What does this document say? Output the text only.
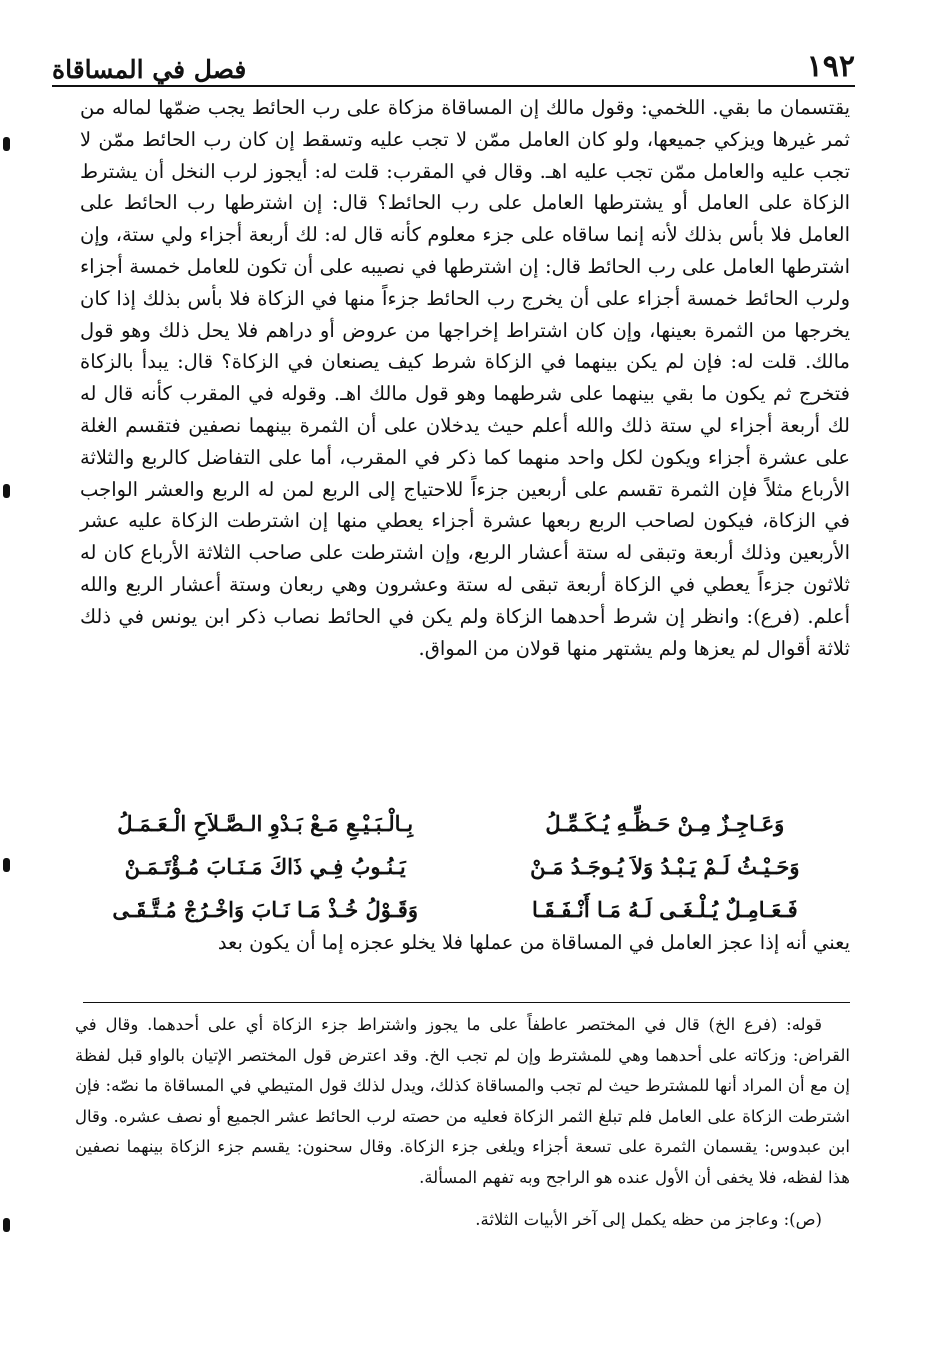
١٩٢
فصل في المساقاة
يقتسمان ما بقي. اللخمي: وقول مالك إن المساقاة مزكاة على رب الحائط يجب ضمّها لماله من ثمر غيرها ويزكي جميعها، ولو كان العامل ممّن لا تجب عليه وتسقط إن كان رب الحائط ممّن لا تجب عليه والعامل ممّن تجب عليه اهـ. وقال في المقرب: قلت له: أيجوز لرب النخل أن يشترط الزكاة على العامل أو يشترطها العامل على رب الحائط؟ قال: إن اشترطها رب الحائط على العامل فلا بأس بذلك لأنه إنما ساقاه على جزء معلوم كأنه قال له: لك أربعة أجزاء ولي ستة، وإن اشترطها العامل على رب الحائط قال: إن اشترطها في نصيبه على أن تكون للعامل خمسة أجزاء ولرب الحائط خمسة أجزاء على أن يخرج رب الحائط جزءاً منها في الزكاة فلا بأس بذلك إذا كان يخرجها من الثمرة بعينها، وإن كان اشتراط إخراجها من عروض أو دراهم فلا يحل ذلك وهو قول مالك. قلت له: فإن لم يكن بينهما في الزكاة شرط كيف يصنعان في الزكاة؟ قال: يبدأ بالزكاة فتخرج ثم يكون ما بقي بينهما على شرطهما وهو قول مالك اهـ. وقوله في المقرب كأنه قال له لك أربعة أجزاء لي ستة ذلك والله أعلم حيث يدخلان على أن الثمرة بينهما نصفين فتقسم الغلة على عشرة أجزاء ويكون لكل واحد منهما كما ذكر في المقرب، أما على التفاضل كالربع والثلاثة الأرباع مثلاً فإن الثمرة تقسم على أربعين جزءاً للاحتياج إلى الربع لمن له الربع والعشر الواجب في الزكاة، فيكون لصاحب الربع ربعها عشرة أجزاء يعطي منها إن اشترطت الزكاة عليه عشر الأربعين وذلك أربعة وتبقى له ستة أعشار الربع، وإن اشترطت على صاحب الثلاثة الأرباع كان له ثلاثون جزءاً يعطي في الزكاة أربعة تبقى له ستة وعشرون وهي ربعان وستة أعشار الربع والله أعلم. (فرع): وانظر إن شرط أحدهما الزكاة ولم يكن في الحائط نصاب ذكر ابن يونس في ذلك ثلاثة أقوال لم يعزها ولم يشتهر منها قولان من المواق.
وَعَـاجِـزٌ مِـنْ حَـظِّـهِ يُـكَـمِّـلُ
بِـالْـبَـيْـعِ مَـعْ بَـدْوِ الـصَّـلاَحِ الْـعَـمَـلُ
وَحَـيْـثُ لَـمْ يَـبْـدُ وَلاَ يُـوجَـدُ مَـنْ
يَـنُـوبُ فِـي ذَاكَ مَـنَـابَ مُـؤْتَـمَـنْ
فَـعَـامِـلٌ يُـلْـغَـى لَـهُ مَـا أَنْـفَـقَـا
وَقَـوْلُ خُـذْ مَـا نَـابَ وَاخْـرُجْ مُـتَّـقَـى
يعني أنه إذا عجز العامل في المساقاة من عملها فلا يخلو عجزه إما أن يكون بعد

قوله: (فرع الخ) قال في المختصر عاطفاً على ما يجوز واشتراط جزء الزكاة أي على أحدهما. وقال في القراض: وزكاته على أحدهما وهي للمشترط وإن لم تجب الخ. وقد اعترض قول المختصر الإتيان بالواو قبل لفظة إن مع أن المراد أنها للمشترط حيث لم تجب والمساقاة كذلك، ويدل لذلك قول المتيطي في المساقاة ما نصّه: فإن اشترطت الزكاة على العامل فلم تبلغ الثمر الزكاة فعليه من حصته لرب الحائط عشر الجميع أو نصف عشره. وقال ابن عبدوس: يقسمان الثمرة على تسعة أجزاء ويلغى جزء الزكاة. وقال سحنون: يقسم جزء الزكاة بينهما نصفين هذا لفظه، فلا يخفى أن الأول عنده هو الراجح وبه تفهم المسألة.

(ص): وعاجز من حظه يكمل إلى آخر الأبيات الثلاثة.
